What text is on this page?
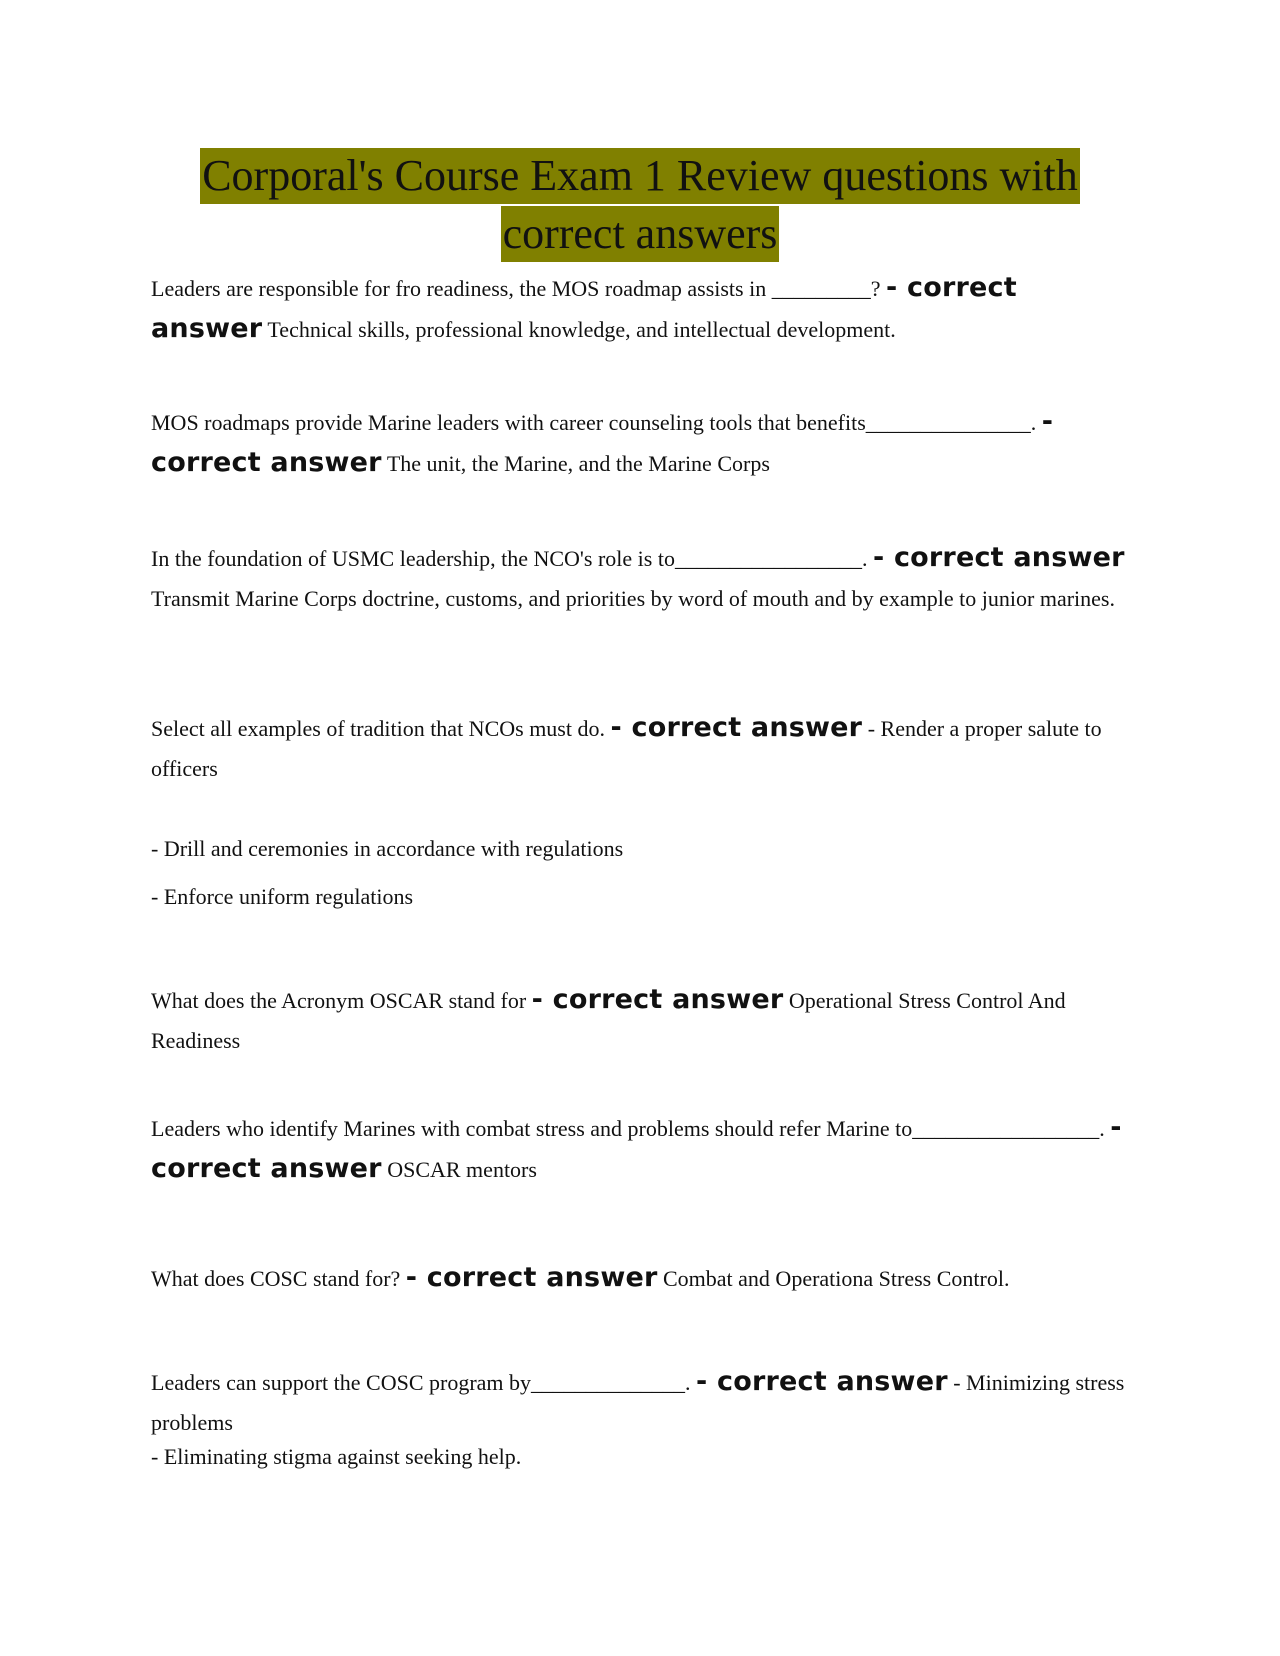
Corporal's Course Exam 1 Review questions with
correct answers
Leaders are responsible for fro readiness, the MOS roadmap assists in _________? - correct answer Technical skills, professional knowledge, and intellectual development.
MOS roadmaps provide Marine leaders with career counseling tools that benefits_______________. - correct answer The unit, the Marine, and the Marine Corps
In the foundation of USMC leadership, the NCO's role is to_________________. - correct answer Transmit Marine Corps doctrine, customs, and priorities by word of mouth and by example to junior marines.
Select all examples of tradition that NCOs must do. - correct answer - Render a proper salute to officers
- Drill and ceremonies in accordance with regulations
- Enforce uniform regulations
What does the Acronym OSCAR stand for - correct answer Operational Stress Control And Readiness
Leaders who identify Marines with combat stress and problems should refer Marine to_________________. - correct answer OSCAR mentors
What does COSC stand for? - correct answer Combat and Operationa Stress Control.
Leaders can support the COSC program by______________. - correct answer - Minimizing stress problems
- Eliminating stigma against seeking help.
